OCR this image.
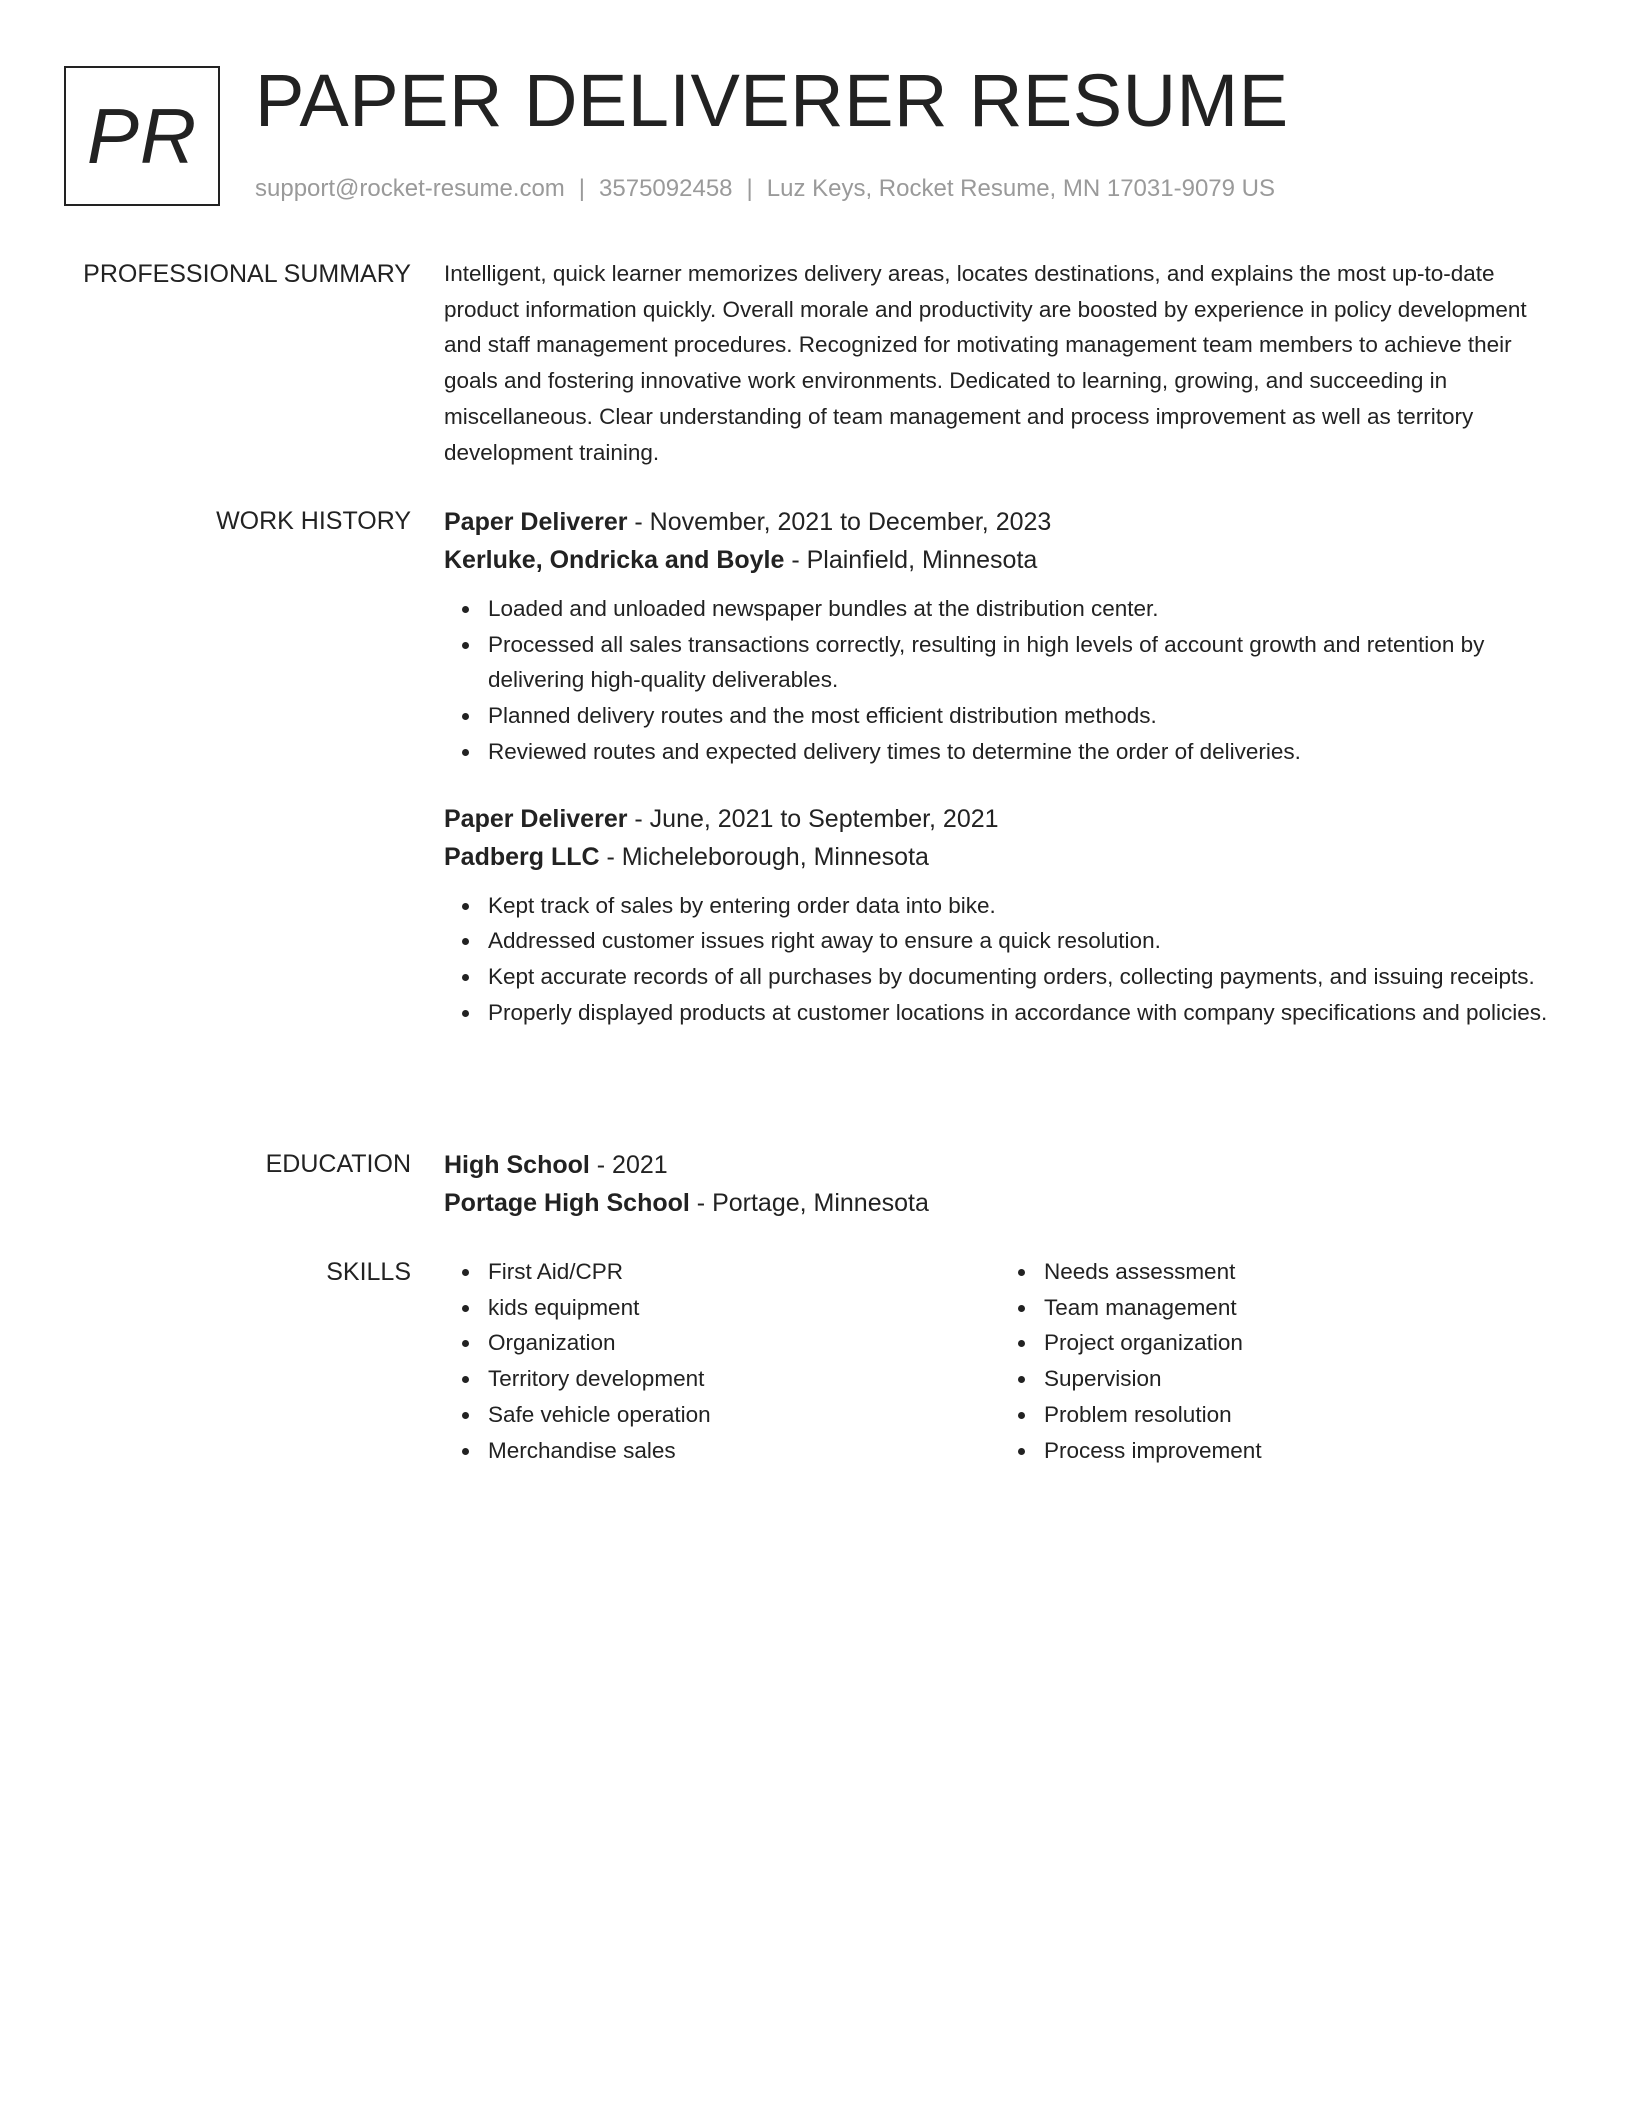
PR PAPER DELIVERER RESUME
support@rocket-resume.com | 3575092458 | Luz Keys, Rocket Resume, MN 17031-9079 US
PROFESSIONAL SUMMARY Intelligent, quick learner memorizes delivery areas, locates destinations, and explains the most up-to-date product information quickly. Overall morale and productivity are boosted by experience in policy development and staff management procedures. Recognized for motivating management team members to achieve their goals and fostering innovative work environments. Dedicated to learning, growing, and succeeding in miscellaneous. Clear understanding of team management and process improvement as well as territory development training.

WORK HISTORY Paper Deliverer - November, 2021 to December, 2023
Kerluke, Ondricka and Boyle - Plainfield, Minnesota
Loaded and unloaded newspaper bundles at the distribution center.
Processed all sales transactions correctly, resulting in high levels of account growth and retention by delivering high-quality deliverables.
Planned delivery routes and the most efficient distribution methods.
Reviewed routes and expected delivery times to determine the order of deliveries.
Paper Deliverer - June, 2021 to September, 2021
Padberg LLC - Micheleborough, Minnesota
Kept track of sales by entering order data into bike.
Addressed customer issues right away to ensure a quick resolution.
Kept accurate records of all purchases by documenting orders, collecting payments, and issuing receipts.
Properly displayed products at customer locations in accordance with company specifications and policies.
EDUCATION High School - 2021
Portage High School - Portage, Minnesota
SKILLS	First Aid/CPR
kids equipment
Organization
Territory development
Safe vehicle operation
Merchandise sales
Needs assessment
Team management
Project organization
Supervision
Problem resolution
Process improvement
